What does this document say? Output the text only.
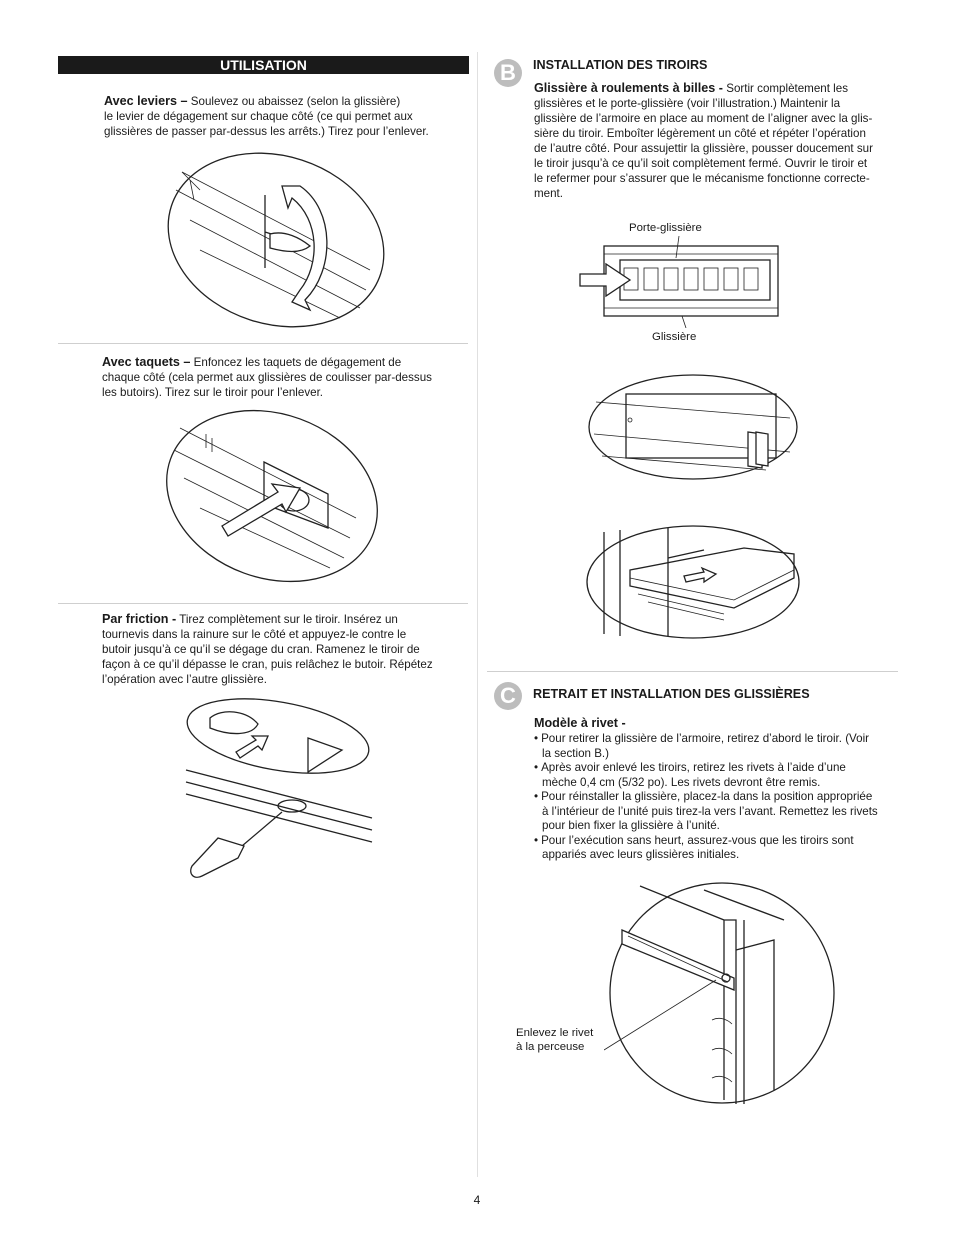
UTILISATION
Avec leviers – Soulevez ou abaissez (selon la glissière)
le levier de dégagement sur chaque côté (ce qui permet aux
glissières de passer par-dessus les arrêts.) Tirez pour l’enlever.
Avec taquets – Enfoncez les taquets de dégagement de
chaque côté (cela permet aux glissières de coulisser par-dessus
les butoirs). Tirez sur le tiroir pour l’enlever.
Par friction - Tirez complètement sur le tiroir. Insérez un
tournevis dans la rainure sur le côté et appuyez-le contre le
butoir jusqu’à ce qu’il se dégage du cran. Ramenez le tiroir de
façon à ce qu’il dépasse le cran, puis relâchez le butoir. Répétez
l’opération avec l’autre glissière.
B	INSTALLATION DES TIROIRS
Glissière à roulements à billes - Sortir complètement les
glissières et le porte-glissière (voir l’illustration.) Maintenir la
glissière de l’armoire en place au moment de l’aligner avec la glis-
sière du tiroir. Emboîter légèrement un côté et répéter l’opération
de l’autre côté. Pour assujettir la glissière, pousser doucement sur
le tiroir jusqu’à ce qu’il soit complètement fermé. Ouvrir le tiroir et
le refermer pour s’assurer que le mécanisme fonctionne correcte-
ment.
Porte-glissière
Glissière
C	RETRAIT ET INSTALLATION DES GLISSIÈRES
Modèle à rivet -
• Pour retirer la glissière de l’armoire, retirez d’abord le tiroir. (Voir la section B.)
• Après avoir enlevé les tiroirs, retirez les rivets à l’aide d’une mèche 0,4 cm (5/32 po). Les rivets devront être remis.
• Pour réinstaller la glissière, placez-la dans la position appropriée à l’intérieur de l’unité puis tirez-la vers l’avant. Remettez les rivets pour bien fixer la glissière à l’unité.
• Pour l’exécution sans heurt, assurez-vous que les tiroirs sont appariés avec leurs glissières initiales.
Enlevez le rivet
à la perceuse
4
